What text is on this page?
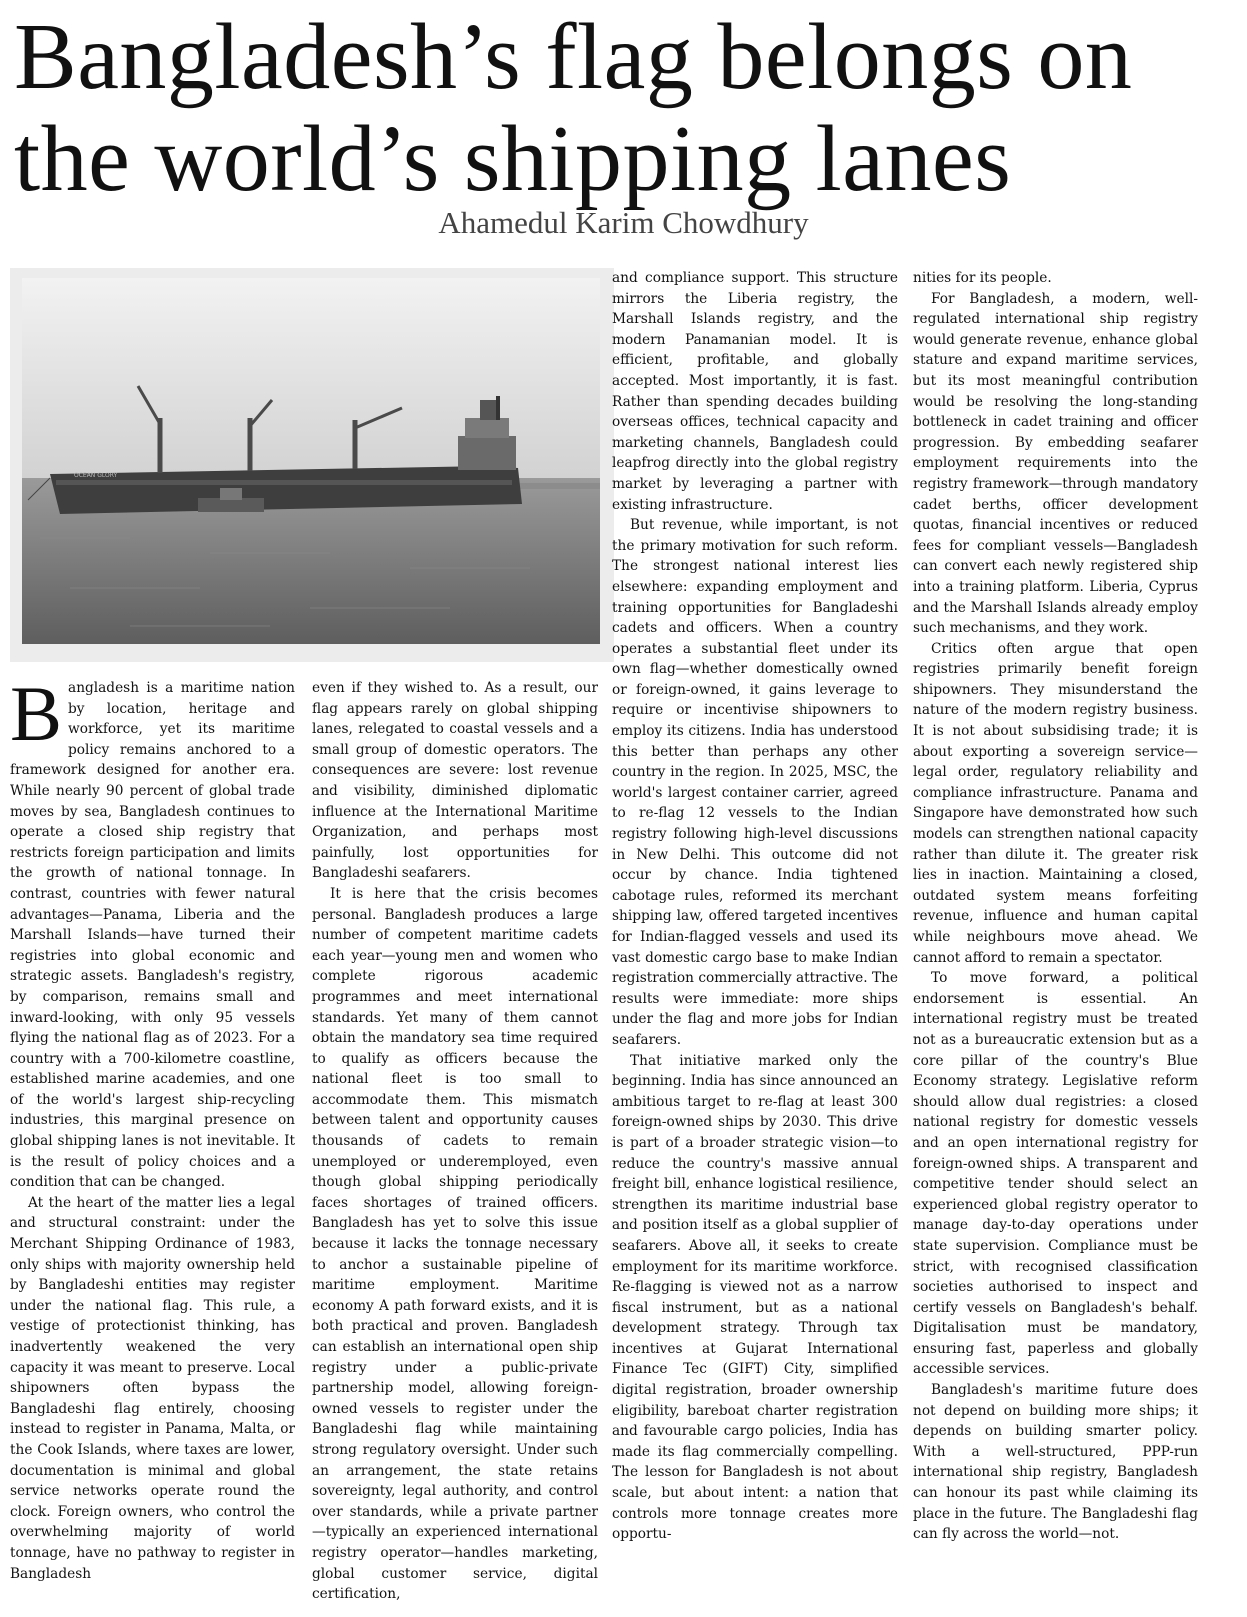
Bangladesh’s flag belongs on the world’s shipping lanes
Ahamedul Karim Chowdhury
OCEAN GLORY

Bangladesh is a maritime nation by location, heritage and workforce, yet its maritime policy remains anchored to a framework designed for another era. While nearly 90 percent of global trade moves by sea, Bangladesh continues to operate a closed ship registry that restricts foreign participation and limits the growth of national tonnage. In contrast, countries with fewer natural advantages—Panama, Liberia and the Marshall Islands—have turned their registries into global economic and strategic assets. Bangladesh's registry, by comparison, remains small and inward-looking, with only 95 vessels flying the national flag as of 2023. For a country with a 700-kilometre coastline, established marine academies, and one of the world's largest ship-recycling industries, this marginal presence on global shipping lanes is not inevitable. It is the result of policy choices and a condition that can be changed.

At the heart of the matter lies a legal and structural constraint: under the Merchant Shipping Ordinance of 1983, only ships with majority ownership held by Bangladeshi entities may register under the national flag. This rule, a vestige of protectionist thinking, has inadvertently weakened the very capacity it was meant to preserve. Local shipowners often bypass the Bangladeshi flag entirely, choosing instead to register in Panama, Malta, or the Cook Islands, where taxes are lower, documentation is minimal and global service networks operate round the clock. Foreign owners, who control the overwhelming majority of world tonnage, have no pathway to register in Bangladesh

even if they wished to. As a result, our flag appears rarely on global shipping lanes, relegated to coastal vessels and a small group of domestic operators. The consequences are severe: lost revenue and visibility, diminished diplomatic influence at the International Maritime Organization, and perhaps most painfully, lost opportunities for Bangladeshi seafarers.

It is here that the crisis becomes personal. Bangladesh produces a large number of competent maritime cadets each year—young men and women who complete rigorous academic programmes and meet international standards. Yet many of them cannot obtain the mandatory sea time required to qualify as officers because the national fleet is too small to accommodate them. This mismatch between talent and opportunity causes thousands of cadets to remain unemployed or underemployed, even though global shipping periodically faces shortages of trained officers. Bangladesh has yet to solve this issue because it lacks the tonnage necessary to anchor a sustainable pipeline of maritime employment. Maritime economy A path forward exists, and it is both practical and proven. Bangladesh can establish an international open ship registry under a public-private partnership model, allowing foreign-owned vessels to register under the Bangladeshi flag while maintaining strong regulatory oversight. Under such an arrangement, the state retains sovereignty, legal authority, and control over standards, while a private partner—typically an experienced international registry operator—handles marketing, global customer service, digital certification,

and compliance support. This structure mirrors the Liberia registry, the Marshall Islands registry, and the modern Panamanian model. It is efficient, profitable, and globally accepted. Most importantly, it is fast. Rather than spending decades building overseas offices, technical capacity and marketing channels, Bangladesh could leapfrog directly into the global registry market by leveraging a partner with existing infrastructure.

But revenue, while important, is not the primary motivation for such reform. The strongest national interest lies elsewhere: expanding employment and training opportunities for Bangladeshi cadets and officers. When a country operates a substantial fleet under its own flag—whether domestically owned or foreign-owned, it gains leverage to require or incentivise shipowners to employ its citizens. India has understood this better than perhaps any other country in the region. In 2025, MSC, the world's largest container carrier, agreed to re-flag 12 vessels to the Indian registry following high-level discussions in New Delhi. This outcome did not occur by chance. India tightened cabotage rules, reformed its merchant shipping law, offered targeted incentives for Indian-flagged vessels and used its vast domestic cargo base to make Indian registration commercially attractive. The results were immediate: more ships under the flag and more jobs for Indian seafarers.

That initiative marked only the beginning. India has since announced an ambitious target to re-flag at least 300 foreign-owned ships by 2030. This drive is part of a broader strategic vision—to reduce the country's massive annual freight bill, enhance logistical resilience, strengthen its maritime industrial base and position itself as a global supplier of seafarers. Above all, it seeks to create employment for its maritime workforce. Re-flagging is viewed not as a narrow fiscal instrument, but as a national development strategy. Through tax incentives at Gujarat International Finance Tec (GIFT) City, simplified digital registration, broader ownership eligibility, bareboat charter registration and favourable cargo policies, India has made its flag commercially compelling. The lesson for Bangladesh is not about scale, but about intent: a nation that controls more tonnage creates more opportu-

nities for its people.

For Bangladesh, a modern, well-regulated international ship registry would generate revenue, enhance global stature and expand maritime services, but its most meaningful contribution would be resolving the long-standing bottleneck in cadet training and officer progression. By embedding seafarer employment requirements into the registry framework—through mandatory cadet berths, officer development quotas, financial incentives or reduced fees for compliant vessels—Bangladesh can convert each newly registered ship into a training platform. Liberia, Cyprus and the Marshall Islands already employ such mechanisms, and they work.

Critics often argue that open registries primarily benefit foreign shipowners. They misunderstand the nature of the modern registry business. It is not about subsidising trade; it is about exporting a sovereign service—legal order, regulatory reliability and compliance infrastructure. Panama and Singapore have demonstrated how such models can strengthen national capacity rather than dilute it. The greater risk lies in inaction. Maintaining a closed, outdated system means forfeiting revenue, influence and human capital while neighbours move ahead. We cannot afford to remain a spectator.

To move forward, a political endorsement is essential. An international registry must be treated not as a bureaucratic extension but as a core pillar of the country's Blue Economy strategy. Legislative reform should allow dual registries: a closed national registry for domestic vessels and an open international registry for foreign-owned ships. A transparent and competitive tender should select an experienced global registry operator to manage day-to-day operations under state supervision. Compliance must be strict, with recognised classification societies authorised to inspect and certify vessels on Bangladesh's behalf. Digitalisation must be mandatory, ensuring fast, paperless and globally accessible services.

Bangladesh's maritime future does not depend on building more ships; it depends on building smarter policy. With a well-structured, PPP-run international ship registry, Bangladesh can honour its past while claiming its place in the future. The Bangladeshi flag can fly across the world—not.
